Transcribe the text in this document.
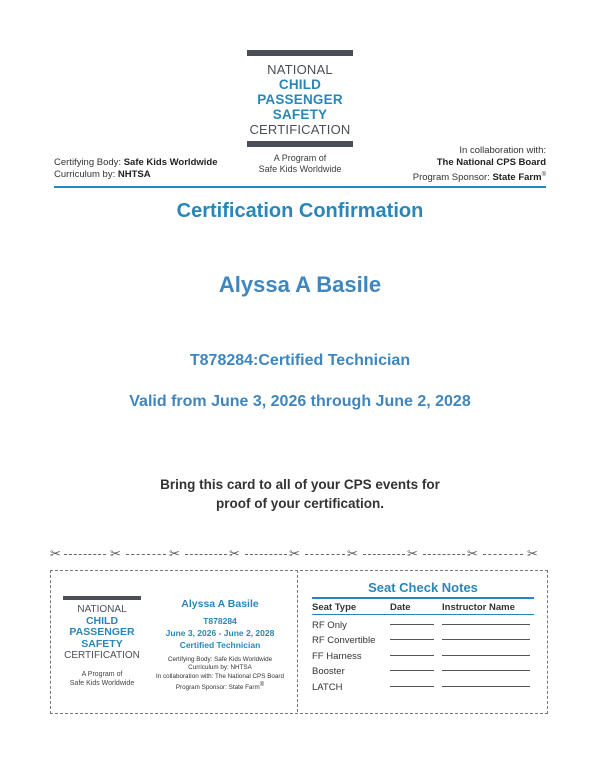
NATIONAL
CHILD
PASSENGER
SAFETY
CERTIFICATION
A Program of
Safe Kids Worldwide
Certifying Body: Safe Kids Worldwide
Curriculum by: NHTSA
In collaboration with:
The National CPS Board
Program Sponsor: State Farm®
Certification Confirmation
Alyssa A Basile
T878284:Certified Technician
Valid from June 3, 2026 through June 2, 2028
Bring this card to all of your CPS events for
proof of your certification.
✂	✂	✂	✂	✂	✂	✂	✂	✂
NATIONAL
CHILD
PASSENGER
SAFETY
CERTIFICATION
A Program of
Safe Kids Worldwide
Alyssa A Basile
T878284
June 3, 2026 - June 2, 2028
Certified Technician
Certifying Body: Safe Kids Worldwide
Curriculum by: NHTSA
In collaboration with: The National CPS Board
Program Sponsor: State Farm®
Seat Check Notes
Seat Type	Date	Instructor Name
RF Only		
RF Convertible		
FF Harness		
Booster		
LATCH		
